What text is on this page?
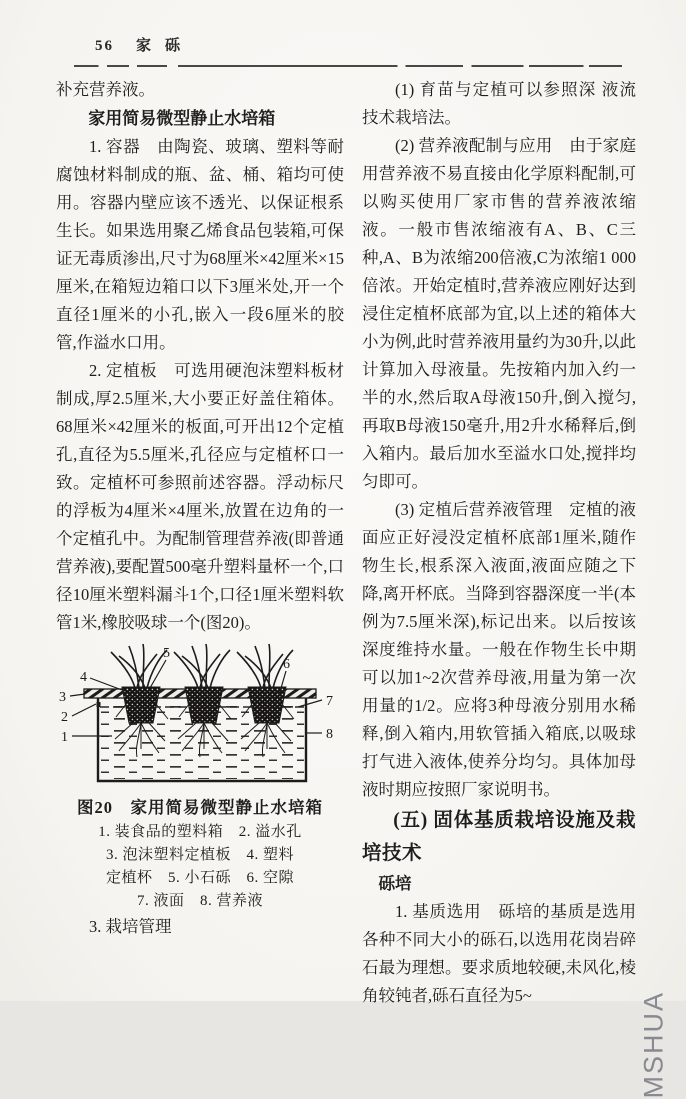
56 家砾

补充营养液。

家用简易微型静止水培箱

1. 容器　由陶瓷、玻璃、塑料等耐腐蚀材料制成的瓶、盆、桶、箱均可使用。容器内壁应该不透光、以保证根系生长。如果选用聚乙烯食品包装箱,可保证无毒质渗出,尺寸为68厘米×42厘米×15厘米,在箱短边箱口以下3厘米处,开一个直径1厘米的小孔,嵌入一段6厘米的胶管,作溢水口用。

2. 定植板　可选用硬泡沫塑料板材制成,厚2.5厘米,大小要正好盖住箱体。68厘米×42厘米的板面,可开出12个定植孔,直径为5.5厘米,孔径应与定植杯口一致。定植杯可参照前述容器。浮动标尺的浮板为4厘米×4厘米,放置在边角的一个定植孔中。为配制管理营养液(即普通营养液),要配置500毫升塑料量杯一个,口径10厘米塑料漏斗1个,口径1厘米塑料软管1米,橡胶吸球一个(图20)。

1
2
3
4
5
6
7
8
图20　家用简易微型静止水培箱
1. 装食品的塑料箱　2. 溢水孔
3. 泡沫塑料定植板　4. 塑料
定植杯　5. 小石砾　6. 空隙
7. 液面　8. 营养液

3. 栽培管理

(1) 育苗与定植可以参照深 液流技术栽培法。

(2) 营养液配制与应用　由于家庭用营养液不易直接由化学原料配制,可以购买使用厂家市售的营养液浓缩液。一般市售浓缩液有A、B、C三种,A、B为浓缩200倍液,C为浓缩1 000倍浓。开始定植时,营养液应刚好达到浸住定植杯底部为宜,以上述的箱体大小为例,此时营养液用量约为30升,以此计算加入母液量。先按箱内加入约一半的水,然后取A母液150升,倒入搅匀,再取B母液150毫升,用2升水稀释后,倒入箱内。最后加水至溢水口处,搅拌均匀即可。

(3) 定植后营养液管理　定植的液面应正好浸没定植杯底部1厘米,随作物生长,根系深入液面,液面应随之下降,离开杯底。当降到容器深度一半(本例为7.5厘米深),标记出来。以后按该深度维持水量。一般在作物生长中期可以加1~2次营养母液,用量为第一次用量的1/2。应将3种母液分别用水稀释,倒入箱内,用软管插入箱底,以吸球打气进入液体,使养分均匀。具体加母液时期应按照厂家说明书。

(五) 固体基质栽培设施及栽培技术

砾培

1. 基质选用　砾培的基质是选用各种不同大小的砾石,以选用花岗岩碎石最为理想。要求质地较硬,未风化,棱角较钝者,砾石直径为5~	MSHUA
